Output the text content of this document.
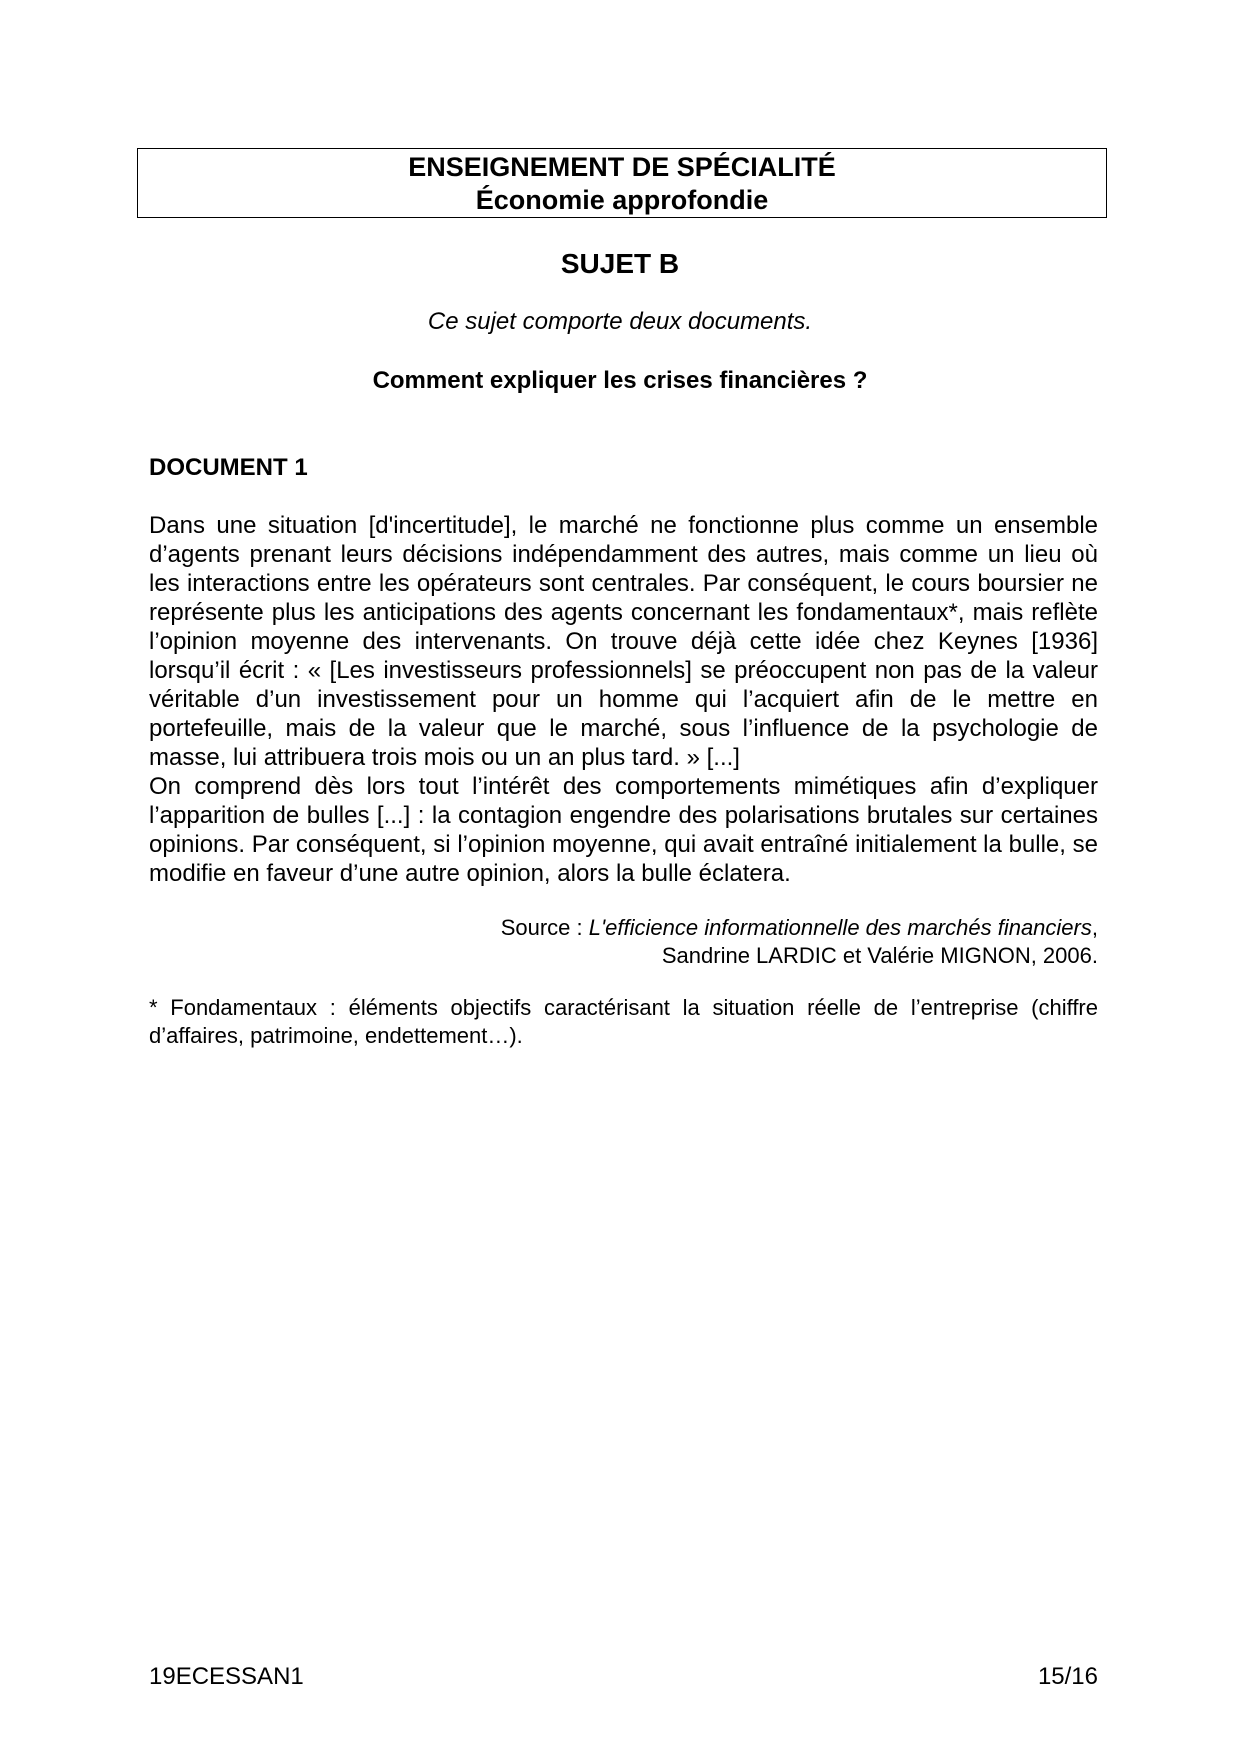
ENSEIGNEMENT DE SPÉCIALITÉ
Économie approfondie
SUJET B
Ce sujet comporte deux documents.
Comment expliquer les crises financières ?
DOCUMENT 1

Dans une situation [d'incertitude], le marché ne fonctionne plus comme un ensemble d’agents prenant leurs décisions indépendamment des autres, mais comme un lieu où les interactions entre les opérateurs sont centrales. Par conséquent, le cours boursier ne représente plus les anticipations des agents concernant les fondamentaux*, mais reflète l’opinion moyenne des intervenants. On trouve déjà cette idée chez Keynes [1936] lorsqu’il écrit : « [Les investisseurs professionnels] se préoccupent non pas de la valeur véritable d’un investissement pour un homme qui l’acquiert afin de le mettre en portefeuille, mais de la valeur que le marché, sous l’influence de la psychologie de masse, lui attribuera trois mois ou un an plus tard. » [...]

On comprend dès lors tout l’intérêt des comportements mimétiques afin d’expliquer l’apparition de bulles [...] : la contagion engendre des polarisations brutales sur certaines opinions. Par conséquent, si l’opinion moyenne, qui avait entraîné initialement la bulle, se modifie en faveur d’une autre opinion, alors la bulle éclatera.

Source : L'efficience informationnelle des marchés financiers,
Sandrine LARDIC et Valérie MIGNON, 2006.
* Fondamentaux : éléments objectifs caractérisant la situation réelle de l’entreprise (chiffre d’affaires, patrimoine, endettement…).
19ECESSAN1	15/16
